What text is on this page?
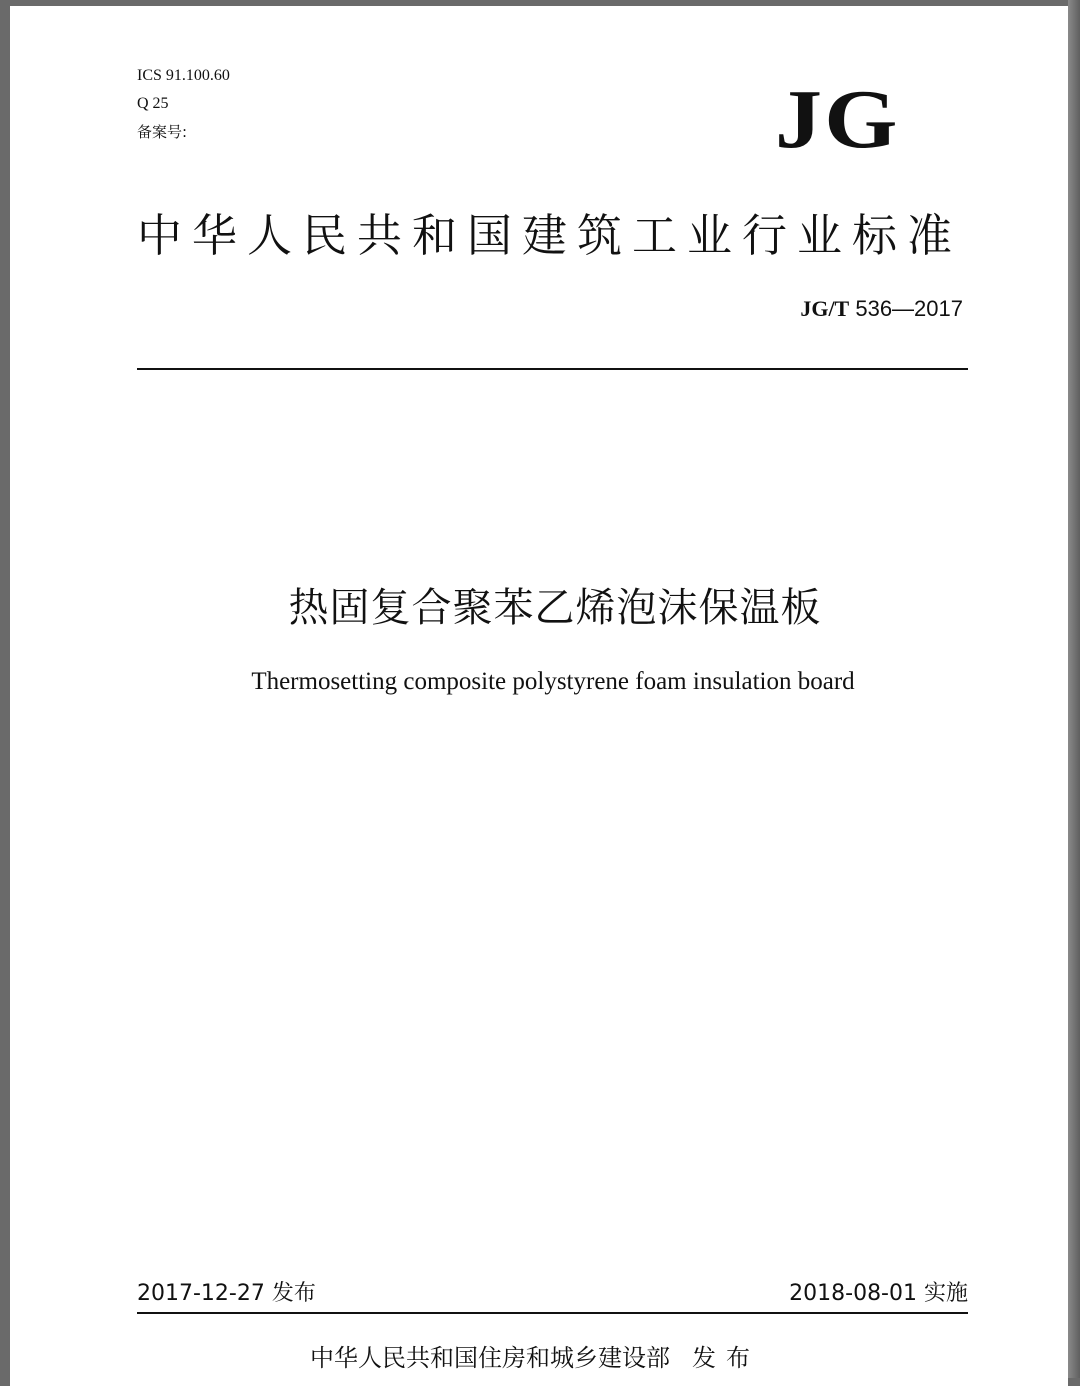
ICS 91.100.60
Q 25
备案号:	JG
中华人民共和国建筑工业行业标准
JG/T 536—2017
热固复合聚苯乙烯泡沫保温板
Thermosetting composite polystyrene foam insulation board
2017-12-27 发布	2018-08-01 实施
中华人民共和国住房和城乡建设部 发布
